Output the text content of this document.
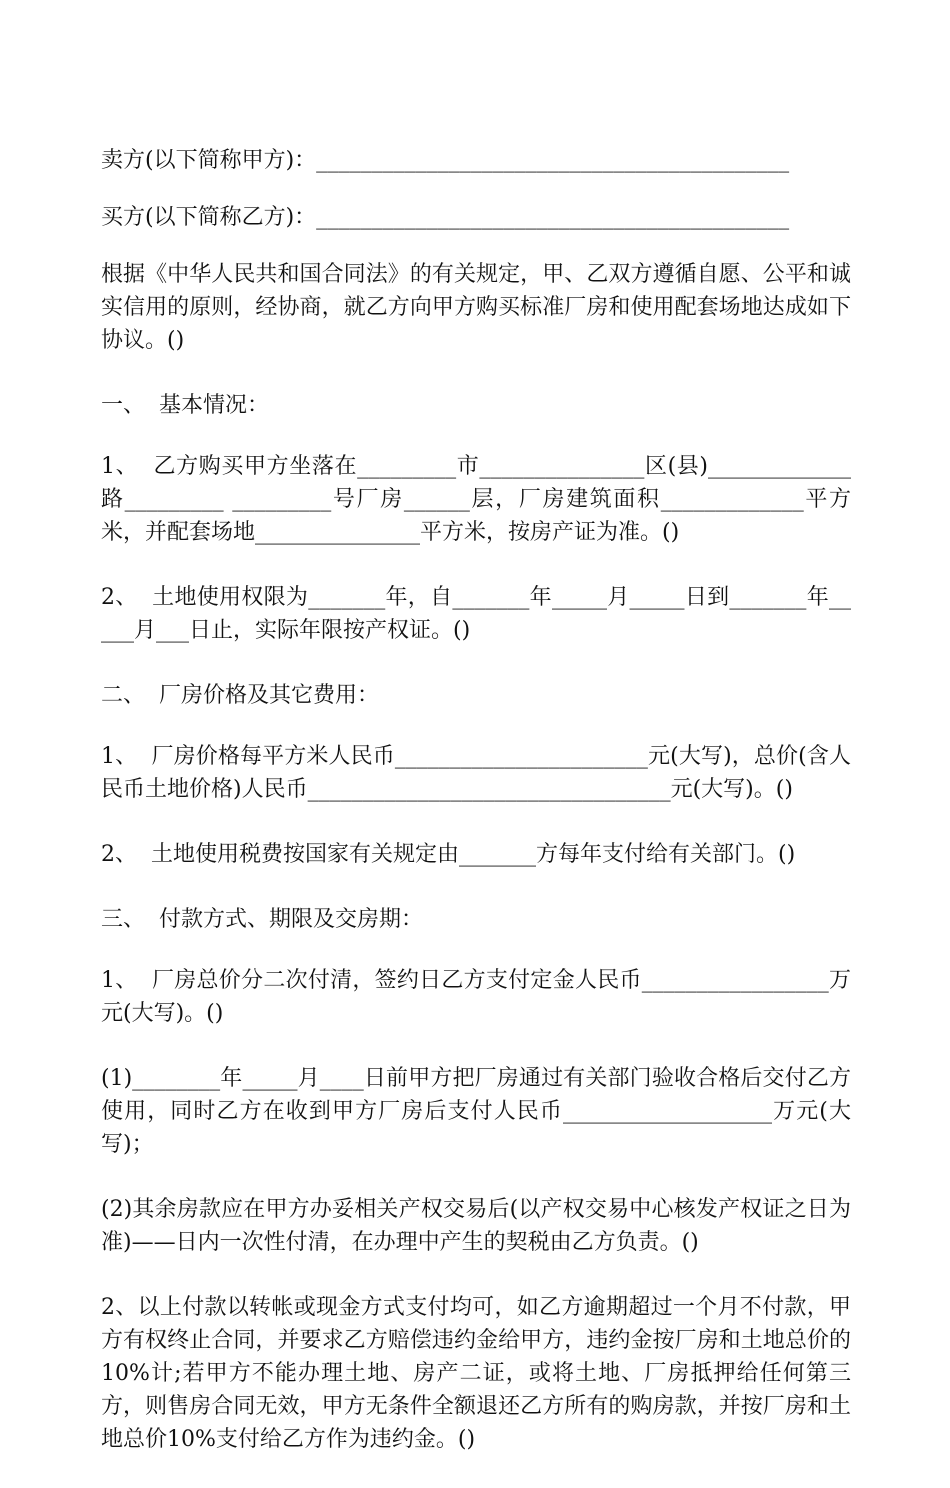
卖方(以下简称甲方)：___________________________________________

买方(以下简称乙方)：___________________________________________

根据《中华人民共和国合同法》的有关规定，甲、乙双方遵循自愿、公平和诚实信用的原则，经协商，就乙方向甲方购买标准厂房和使用配套场地达成如下协议。()

一、  基本情况：

1、  乙方购买甲方坐落在_________市_______________区(县)_____________路_________ _________号厂房______层，厂房建筑面积_____________平方米，并配套场地_______________平方米，按房产证为准。()

2、  土地使用权限为_______年，自_______年_____月_____日到_______年_____月___日止，实际年限按产权证。()

二、  厂房价格及其它费用：

1、  厂房价格每平方米人民币_______________________元(大写)，总价(含人民币土地价格)人民币_________________________________元(大写)。()

2、  土地使用税费按国家有关规定由_______方每年支付给有关部门。()

三、  付款方式、期限及交房期：

1、  厂房总价分二次付清，签约日乙方支付定金人民币_________________万元(大写)。()

(1)________年_____月____日前甲方把厂房通过有关部门验收合格后交付乙方使用，同时乙方在收到甲方厂房后支付人民币___________________万元(大写)；

(2)其余房款应在甲方办妥相关产权交易后(以产权交易中心核发产权证之日为准)——日内一次性付清，在办理中产生的契税由乙方负责。()

2、以上付款以转帐或现金方式支付均可，如乙方逾期超过一个月不付款，甲方有权终止合同，并要求乙方赔偿违约金给甲方，违约金按厂房和土地总价的10%计;若甲方不能办理土地、房产二证，或将土地、厂房抵押给任何第三方，则售房合同无效，甲方无条件全额退还乙方所有的购房款，并按厂房和土地总价10%支付给乙方作为违约金。()
